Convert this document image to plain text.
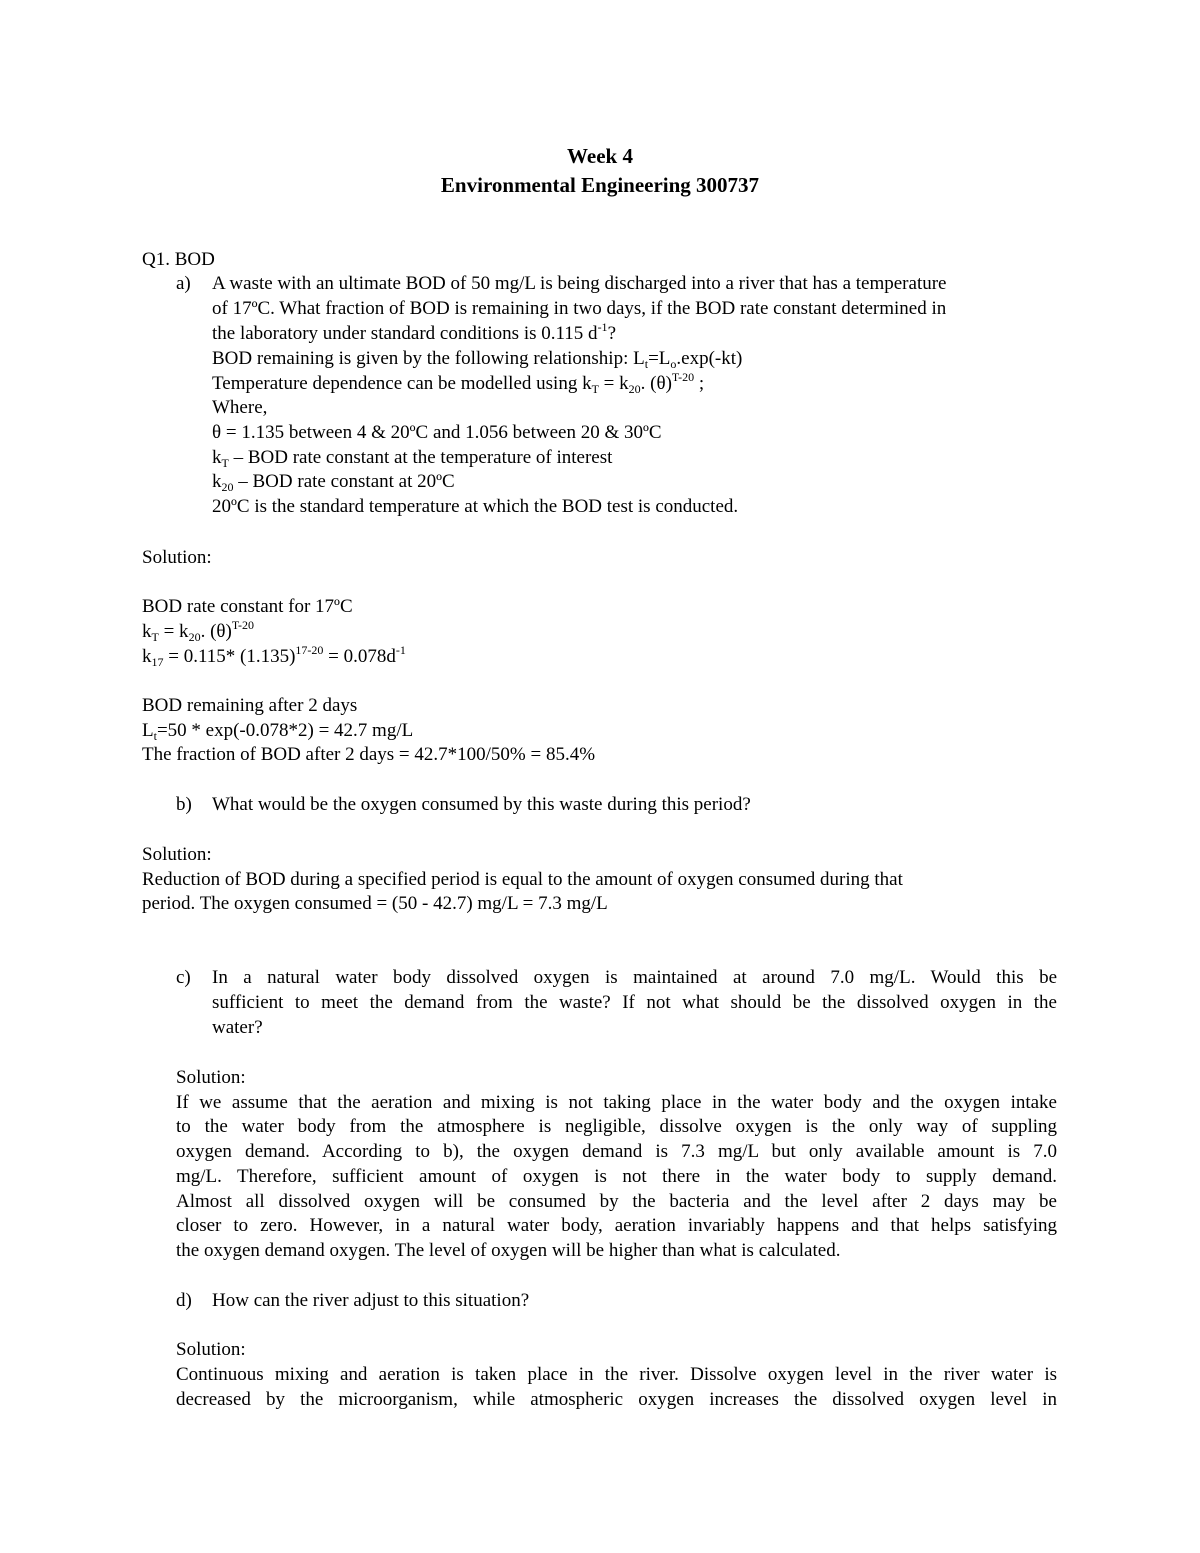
Week 4
Environmental Engineering 300737
Q1. BOD
a) A waste with an ultimate BOD of 50 mg/L is being discharged into a river that has a temperature
of 17ºC. What fraction of BOD is remaining in two days, if the BOD rate constant determined in
the laboratory under standard conditions is 0.115 $d^{-1}$?
BOD remaining is given by the following relationship: $L_t=L_o.\exp(-kt)$
Temperature dependence can be modelled using $k_T = k_{20}$. $(\theta)^{T-20}$ ;
Where,
θ = 1.135 between 4 & 20ºC and 1.056 between 20 & 30ºC
$k_T$ – BOD rate constant at the temperature of interest
$k_{20}$ – BOD rate constant at 20ºC
20ºC is the standard temperature at which the BOD test is conducted.
Solution:
BOD rate constant for 17ºC
$k_T = k_{20}$. $(\theta)^{T-20}$
$k_{17} = 0.115*$ $(1.135)^{17-20} = 0.078d^{-1}$
BOD remaining after 2 days
$L_t=50 * \exp(-0.078*2) = 42.7$ mg/L
The fraction of BOD after 2 days = 42.7*100/50% = 85.4%
b) What would be the oxygen consumed by this waste during this period?
Solution:
Reduction of BOD during a specified period is equal to the amount of oxygen consumed during that
period. The oxygen consumed = (50 - 42.7) mg/L = 7.3 mg/L
c) In a natural water body dissolved oxygen is maintained at around 7.0 mg/L. Would this be
sufficient to meet the demand from the waste? If not what should be the dissolved oxygen in the
water?
Solution:
If we assume that the aeration and mixing is not taking place in the water body and the oxygen intake
to the water body from the atmosphere is negligible, dissolve oxygen is the only way of suppling
oxygen demand. According to b), the oxygen demand is 7.3 mg/L but only available amount is 7.0
mg/L. Therefore, sufficient amount of oxygen is not there in the water body to supply demand.
Almost all dissolved oxygen will be consumed by the bacteria and the level after 2 days may be
closer to zero. However, in a natural water body, aeration invariably happens and that helps satisfying
the oxygen demand oxygen. The level of oxygen will be higher than what is calculated.
d) How can the river adjust to this situation?
Solution:
Continuous mixing and aeration is taken place in the river. Dissolve oxygen level in the river water is
decreased by the microorganism, while atmospheric oxygen increases the dissolved oxygen level in
